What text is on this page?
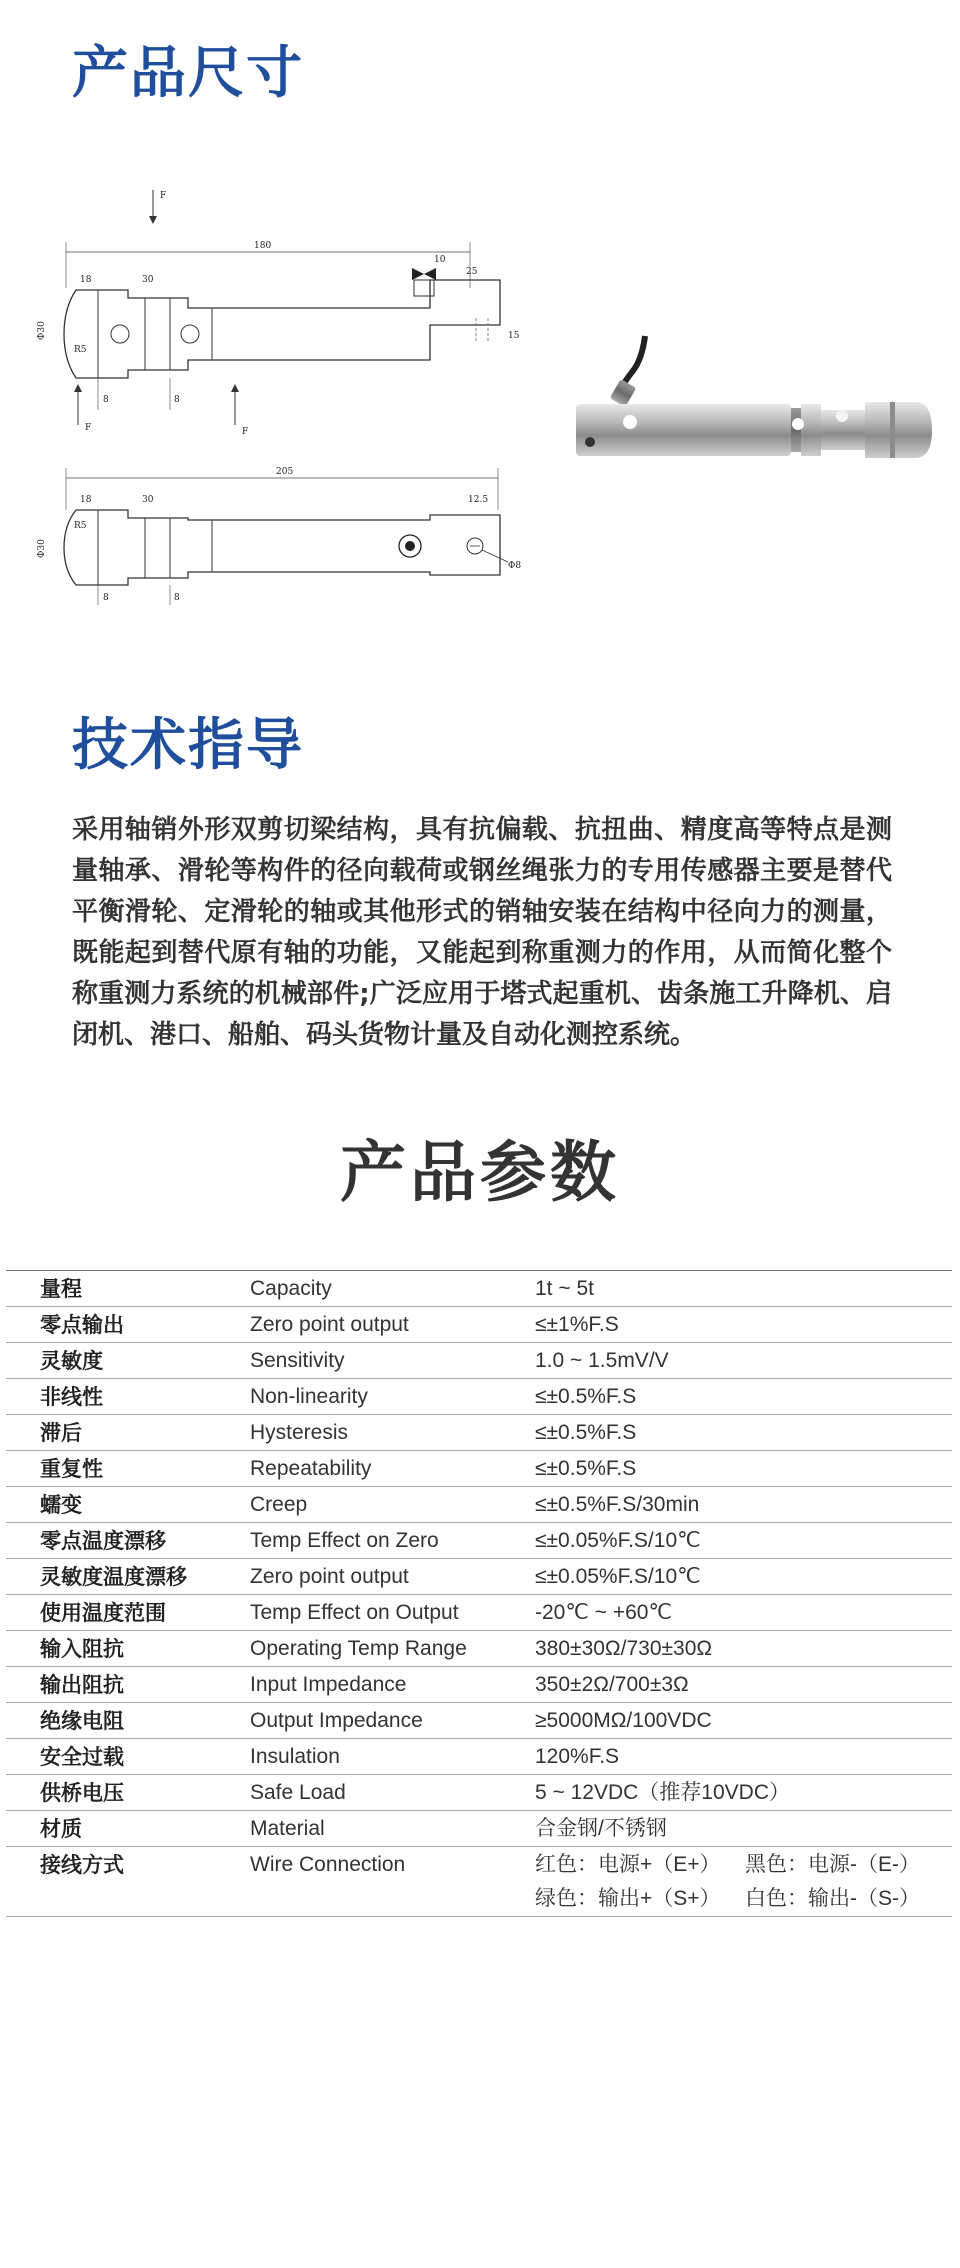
产品尺寸
F
180
18	30
10
25
15
R5
Φ30
8	8
F	F
205
Φ8
18	30	12.5
R5
Φ30
8	8
技术指导

采用轴销外形双剪切梁结构，具有抗偏载、抗扭曲、精度高等特点是测量轴承、滑轮等构件的径向载荷或钢丝绳张力的专用传感器主要是替代平衡滑轮、定滑轮的轴或其他形式的销轴安装在结构中径向力的测量，既能起到替代原有轴的功能，又能起到称重测力的作用，从而简化整个称重测力系统的机械部件;广泛应用于塔式起重机、齿条施工升降机、启闭机、港口、船舶、码头货物计量及自动化测控系统。

产品参数
量程	Capacity	1t ~ 5t
零点输出	Zero point output	≤±1%F.S
灵敏度	Sensitivity	1.0 ~ 1.5mV/V
非线性	Non-linearity	≤±0.5%F.S
滞后	Hysteresis	≤±0.5%F.S
重复性	Repeatability	≤±0.5%F.S
蠕变	Creep	≤±0.5%F.S/30min
零点温度漂移	Temp Effect on Zero	≤±0.05%F.S/10℃
灵敏度温度漂移	Zero point output	≤±0.05%F.S/10℃
使用温度范围	Temp Effect on Output	-20℃ ~ +60℃
输入阻抗	Operating Temp Range	380±30Ω/730±30Ω
输出阻抗	Input Impedance	350±2Ω/700±3Ω
绝缘电阻	Output Impedance	≥5000MΩ/100VDC
安全过载	Insulation	120%F.S
供桥电压	Safe Load	5 ~ 12VDC（推荐10VDC）
材质	Material	合金钢/不锈钢
接线方式	Wire Connection	红色：电源+（E+） 黑色：电源-（E-）
绿色：输出+（S+） 白色：输出-（S-）
